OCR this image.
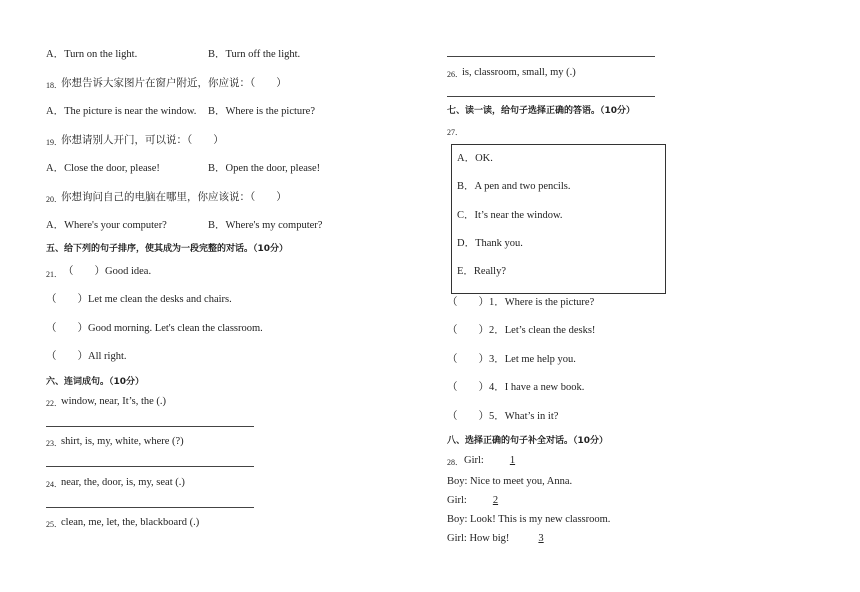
A．Turn on the light.	B．Turn off the light.
18． 你想告诉大家图片在窗户附近，你应说：（　　）
A．The picture is near the window. B．Where is the picture?
19． 你想请别人开门，可以说：（　　）
A．Close the door, please!	B．Open the door, please!
20． 你想询问自己的电脑在哪里，你应该说：（　　）
A．Where's your computer?	B．Where's my computer?
五、给下列的句子排序，使其成为一段完整的对话。（10分）
21． （　　）Good idea.
（　　）Let me clean the desks and chairs.
（　　）Good morning. Let's clean the classroom.
（　　）All right.
六、连词成句。（10分）
22． window, near, It’s, the (.)
23． shirt, is, my, white, where (?)
24． near, the, door, is, my, seat (.)
25． clean, me, let, the, blackboard (.)
26． is, classroom, small, my (.)
七、读一读，给句子选择正确的答语。（10分）
27．
A．OK.
B．A pen and two pencils.
C．It’s near the window.
D．Thank you.
E．Really?
（　　）1．Where is the picture?
（　　）2．Let’s clean the desks!
（　　）3．Let me help you.
（　　）4．I have a new book.
（　　）5．What’s in it?
八、选择正确的句子补全对话。（10分）
28． Girl: 1
Boy: Nice to meet you, Anna.
Girl: 2
Boy: Look! This is my new classroom.
Girl: How big!	3
